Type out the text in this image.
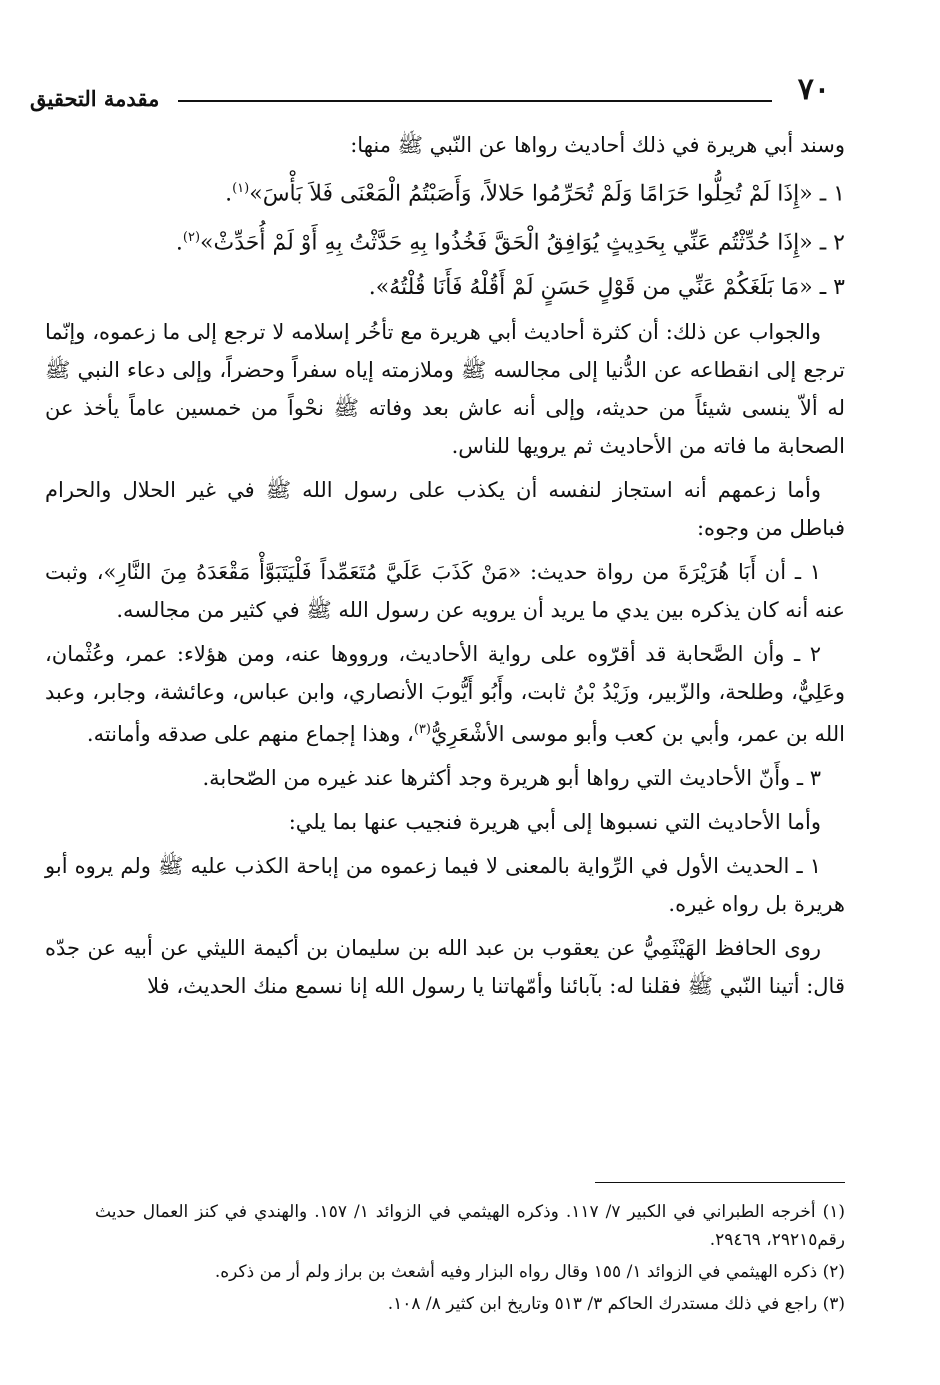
٧٠
مقدمة التحقيق

وسند أبي هريرة في ذلك أحاديث رواها عن النّبي ﷺ منها:

١ ـ «إِذَا لَمْ تُحِلُّوا حَرَامًا وَلَمْ تُحَرِّمُوا حَلالاً، وَأَصَبْتُمُ الْمَعْنَى فَلاَ بَأْسَ»$^{(١)}$.

٢ ـ «إِذَا حُدِّثْتُم عَنِّي بِحَدِيثٍ يُوَافِقُ الْحَقَّ فَخُذُوا بِهِ حَدَّثْتُ بِهِ أَوْ لَمْ أُحَدِّثْ»$^{(٢)}$.

٣ ـ «مَا بَلَغَكُمْ عَنِّي من قَوْلٍ حَسَنٍ لَمْ أَقُلْهُ فَأَنَا قُلْتُهُ».

والجواب عن ذلك: أن كثرة أحاديث أبي هريرة مع تأخُر إسلامه لا ترجع إلى ما زعموه، وإنّما ترجع إلى انقطاعه عن الدُّنيا إلى مجالسه ﷺ وملازمته إياه سفراً وحضراً، وإلى دعاء النبي ﷺ له ألاّ ينسى شيئاً من حديثه، وإلى أنه عاش بعد وفاته ﷺ نحْواً من خمسين عاماً يأخذ عن الصحابة ما فاته من الأحاديث ثم يرويها للناس.

وأما زعمهم أنه استجاز لنفسه أن يكذب على رسول الله ﷺ في غير الحلال والحرام فباطل من وجوه:

١ ـ أن أَبَا هُرَيْرَةَ من رواة حديث: «مَنْ كَذَبَ عَلَيَّ مُتَعَمِّداً فَلْيَتَبَوَّأْ مَقْعَدَهُ مِنَ النَّارِ»، وثبت عنه أنه كان يذكره بين يدي ما يريد أن يرويه عن رسول الله ﷺ في كثير من مجالسه.

٢ ـ وأن الصَّحابة قد أقرّوه على رواية الأحاديث، ورووها عنه، ومن هؤلاء: عمر، وعُثْمان، وعَلِيٌّ، وطلحة، والزّبير، وزَيْدُ بْنُ ثابت، وأَبُو أَيُّوبَ الأنصاري، وابن عباس، وعائشة، وجابر، وعبد الله بن عمر، وأبي بن كعب وأبو موسى الأشْعَرِيُّ$^{(٣)}$، وهذا إجماع منهم على صدقه وأمانته.

٣ ـ وأَنّ الأحاديث التي رواها أبو هريرة وجد أكثرها عند غيره من الصّحابة.

وأما الأحاديث التي نسبوها إلى أبي هريرة فنجيب عنها بما يلي:

١ ـ الحديث الأول في الرِّواية بالمعنى لا فيما زعموه من إباحة الكذب عليه ﷺ ولم يروه أبو هريرة بل رواه غيره.

روى الحافظ الهَيْثَمِيُّ عن يعقوب بن عبد الله بن سليمان بن أكيمة الليثي عن أبيه عن جدّه قال: أتينا النّبي ﷺ فقلنا له: بآبائنا وأمّهاتنا يا رسول الله إنا نسمع منك الحديث، فلا

(١) أخرجه الطبراني في الكبير ٧/ ١١٧. وذكره الهيثمي في الزوائد ١/ ١٥٧. والهندي في كنز العمال حديث رقم٢٩٢١٥، ٢٩٤٦٩.

(٢) ذكره الهيثمي في الزوائد ١/ ١٥٥ وقال رواه البزار وفيه أشعث بن براز ولم أر من ذكره.

(٣) راجع في ذلك مستدرك الحاكم ٣/ ٥١٣ وتاريخ ابن كثير ٨/ ١٠٨.
